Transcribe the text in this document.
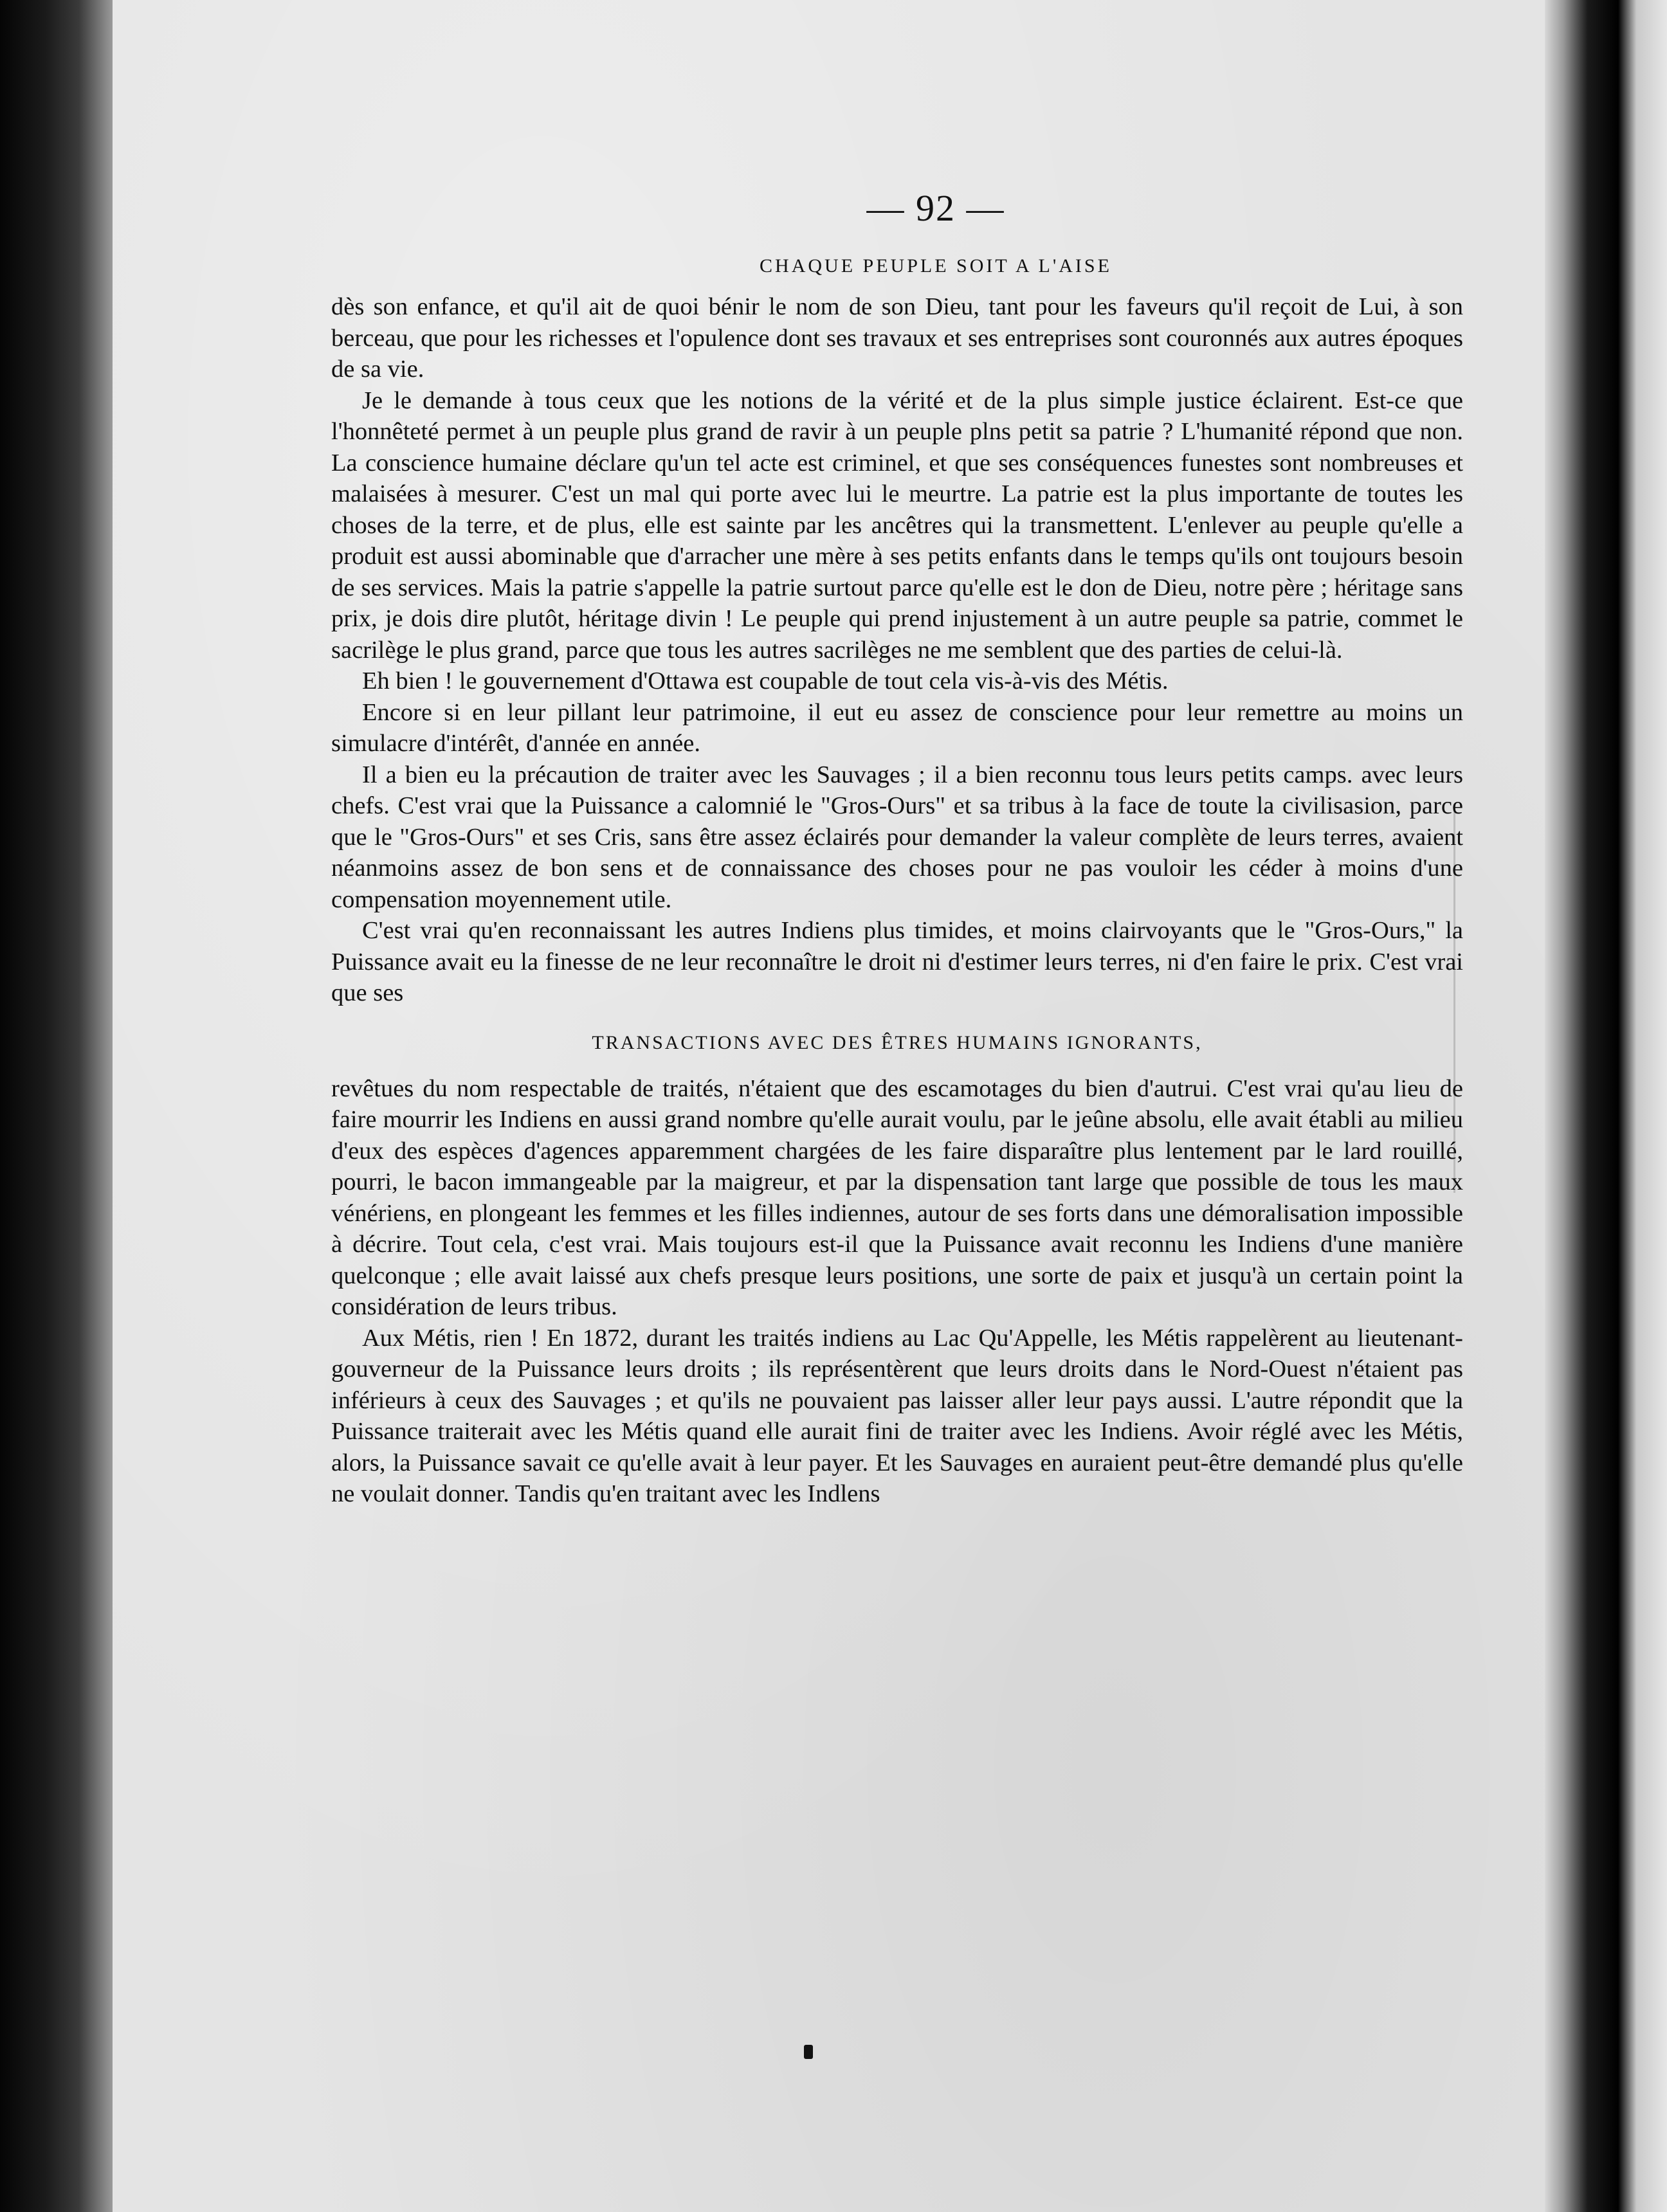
— 92 —
CHAQUE PEUPLE SOIT A L'AISE

dès son enfance, et qu'il ait de quoi bénir le nom de son Dieu, tant pour les faveurs qu'il reçoit de Lui, à son berceau, que pour les richesses et l'opulence dont ses travaux et ses entreprises sont couronnés aux autres époques de sa vie.

Je le demande à tous ceux que les notions de la vérité et de la plus simple justice éclairent. Est-ce que l'honnêteté permet à un peuple plus grand de ravir à un peuple plns petit sa patrie ? L'humanité répond que non. La conscience humaine déclare qu'un tel acte est criminel, et que ses conséquences funestes sont nombreuses et malaisées à mesurer. C'est un mal qui porte avec lui le meurtre. La patrie est la plus importante de toutes les choses de la terre, et de plus, elle est sainte par les ancêtres qui la transmettent. L'enlever au peuple qu'elle a produit est aussi abominable que d'arracher une mère à ses petits enfants dans le temps qu'ils ont toujours besoin de ses services. Mais la patrie s'appelle la patrie surtout parce qu'elle est le don de Dieu, notre père ; héritage sans prix, je dois dire plutôt, héritage divin ! Le peuple qui prend injustement à un autre peuple sa patrie, commet le sacrilège le plus grand, parce que tous les autres sacrilèges ne me semblent que des parties de celui-là.

Eh bien ! le gouvernement d'Ottawa est coupable de tout cela vis-à-vis des Métis.

Encore si en leur pillant leur patrimoine, il eut eu assez de conscience pour leur remettre au moins un simulacre d'intérêt, d'année en année.

Il a bien eu la précaution de traiter avec les Sauvages ; il a bien reconnu tous leurs petits camps. avec leurs chefs. C'est vrai que la Puissance a calomnié le "Gros-Ours" et sa tribus à la face de toute la civilisasion, parce que le "Gros-Ours" et ses Cris, sans être assez éclairés pour demander la valeur complète de leurs terres, avaient néanmoins assez de bon sens et de connaissance des choses pour ne pas vouloir les céder à moins d'une compensation moyennement utile.

C'est vrai qu'en reconnaissant les autres Indiens plus timides, et moins clairvoyants que le "Gros-Ours," la Puissance avait eu la finesse de ne leur reconnaître le droit ni d'estimer leurs terres, ni d'en faire le prix. C'est vrai que ses

TRANSACTIONS AVEC DES ÊTRES HUMAINS IGNORANTS,

revêtues du nom respectable de traités, n'étaient que des escamotages du bien d'autrui. C'est vrai qu'au lieu de faire mourrir les Indiens en aussi grand nombre qu'elle aurait voulu, par le jeûne absolu, elle avait établi au milieu d'eux des espèces d'agences apparemment chargées de les faire disparaître plus lentement par le lard rouillé, pourri, le bacon immangeable par la maigreur, et par la dispensation tant large que possible de tous les maux vénériens, en plongeant les femmes et les filles indiennes, autour de ses forts dans une démoralisation impossible à décrire. Tout cela, c'est vrai. Mais toujours est-il que la Puissance avait reconnu les Indiens d'une manière quelconque ; elle avait laissé aux chefs presque leurs positions, une sorte de paix et jusqu'à un certain point la considération de leurs tribus.

Aux Métis, rien ! En 1872, durant les traités indiens au Lac Qu'Appelle, les Métis rappelèrent au lieutenant-gouverneur de la Puissance leurs droits ; ils représentèrent que leurs droits dans le Nord-Ouest n'étaient pas inférieurs à ceux des Sauvages ; et qu'ils ne pouvaient pas laisser aller leur pays aussi. L'autre répondit que la Puissance traiterait avec les Métis quand elle aurait fini de traiter avec les Indiens. Avoir réglé avec les Métis, alors, la Puissance savait ce qu'elle avait à leur payer. Et les Sauvages en auraient peut-être demandé plus qu'elle ne voulait donner. Tandis qu'en traitant avec les Indlens
